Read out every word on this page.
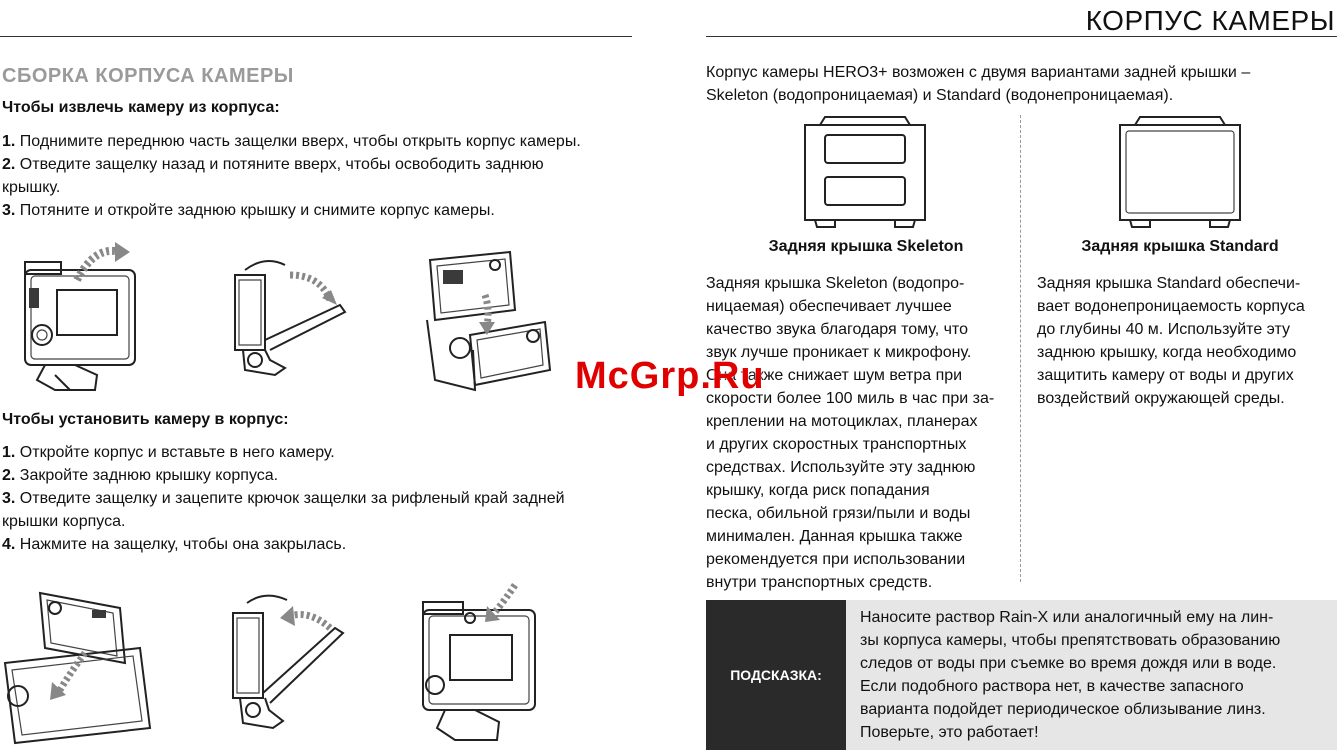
КОРПУС КАМЕРЫ
СБОРКА КОРПУСА КАМЕРЫ
Чтобы извлечь камеру из корпуса:
1. Поднимите переднюю часть защелки вверх, чтобы открыть корпус камеры.
2. Отведите защелку назад и потяните вверх, чтобы освободить заднюю
крышку.
3. Потяните и откройте заднюю крышку и снимите корпус камеры.
Чтобы установить камеру в корпус:
1. Откройте корпус и вставьте в него камеру.
2. Закройте заднюю крышку корпуса.
3. Отведите защелку и зацепите крючок защелки за рифленый край задней
крышки корпуса.
4. Нажмите на защелку, чтобы она закрылась.
Корпус камеры HERO3+ возможен с двумя вариантами задней крышки –
Skeleton (водопроницаемая) и Standard (водонепроницаемая).
Задняя крышка Skeleton	Задняя крышка Standard
Задняя крышка Skeleton (водопро-
ницаемая) обеспечивает лучшее
качество звука благодаря тому, что
звук лучше проникает к микрофону.
Она также снижает шум ветра при
скорости более 100 миль в час при за-
креплении на мотоциклах, планерах
и других скоростных транспортных
средствах. Используйте эту заднюю
крышку, когда риск попадания
песка, обильной грязи/пыли и воды
минимален. Данная крышка также
рекомендуется при использовании
внутри транспортных средств.
Задняя крышка Standard обеспечи-
вает водонепроницаемость корпуса
до глубины 40 м. Используйте эту
заднюю крышку, когда необходимо
защитить камеру от воды и других
воздействий окружающей среды.
ПОДСКАЗКА:
Наносите раствор Rain-X или аналогичный ему на лин-
зы корпуса камеры, чтобы препятствовать образованию
следов от воды при съемке во время дождя или в воде.
Если подобного раствора нет, в качестве запасного
варианта подойдет периодическое облизывание линз.
Поверьте, это работает!
McGrp.Ru
